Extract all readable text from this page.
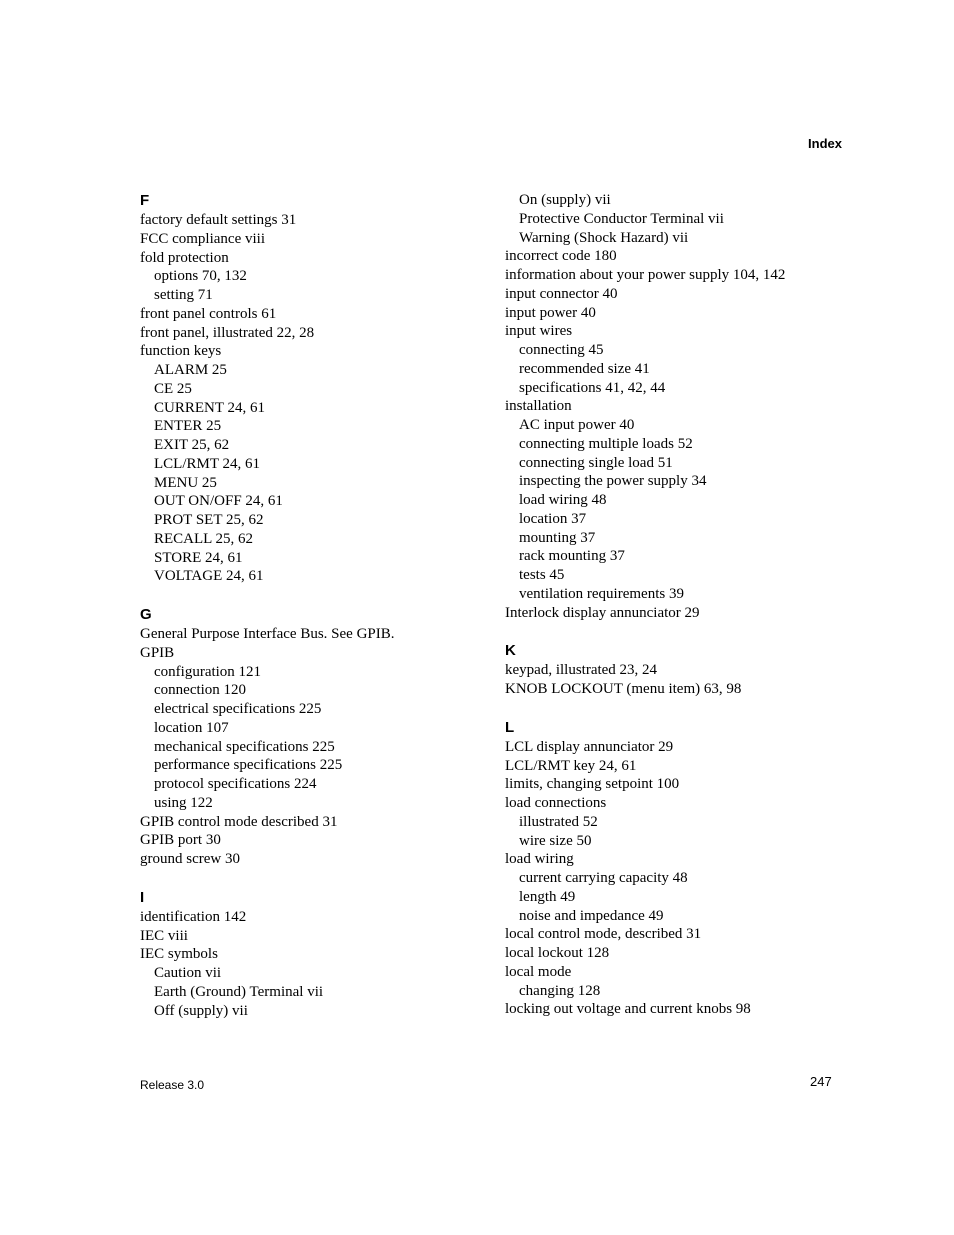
Index
F
factory default settings 31
FCC compliance viii
fold protection
options 70, 132
setting 71
front panel controls 61
front panel, illustrated 22, 28
function keys
ALARM 25
CE 25
CURRENT 24, 61
ENTER 25
EXIT 25, 62
LCL/RMT 24, 61
MENU 25
OUT ON/OFF 24, 61
PROT SET 25, 62
RECALL 25, 62
STORE 24, 61
VOLTAGE 24, 61
G
General Purpose Interface Bus. See GPIB.
GPIB
configuration 121
connection 120
electrical specifications 225
location 107
mechanical specifications 225
performance specifications 225
protocol specifications 224
using 122
GPIB control mode described 31
GPIB port 30
ground screw 30
I
identification 142
IEC viii
IEC symbols
Caution vii
Earth (Ground) Terminal vii
Off (supply) vii
On (supply) vii
Protective Conductor Terminal vii
Warning (Shock Hazard) vii
incorrect code 180
information about your power supply 104, 142
input connector 40
input power 40
input wires
connecting 45
recommended size 41
specifications 41, 42, 44
installation
AC input power 40
connecting multiple loads 52
connecting single load 51
inspecting the power supply 34
load wiring 48
location 37
mounting 37
rack mounting 37
tests 45
ventilation requirements 39
Interlock display annunciator 29
K
keypad, illustrated 23, 24
KNOB LOCKOUT (menu item) 63, 98
L
LCL display annunciator 29
LCL/RMT key 24, 61
limits, changing setpoint 100
load connections
illustrated 52
wire size 50
load wiring
current carrying capacity 48
length 49
noise and impedance 49
local control mode, described 31
local lockout 128
local mode
changing 128
locking out voltage and current knobs 98
Release 3.0	247
